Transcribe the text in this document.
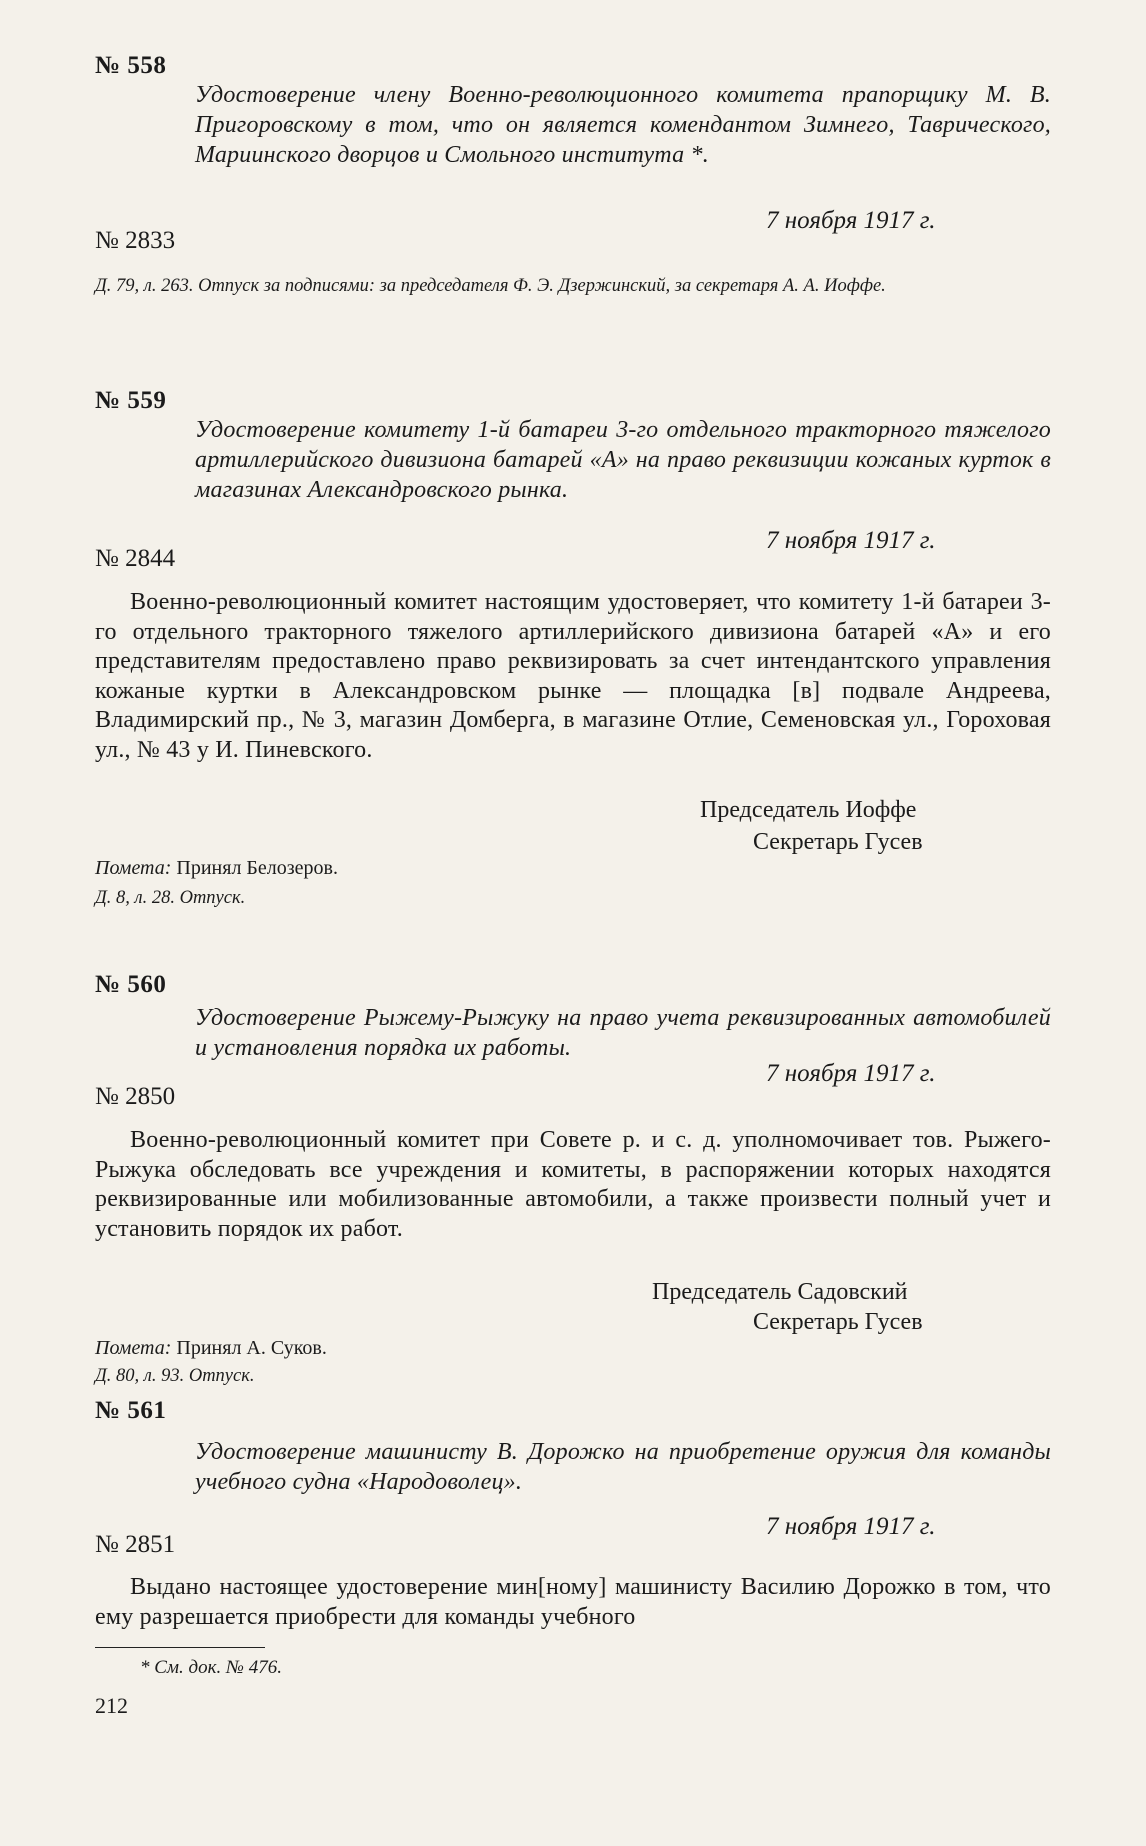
№ 558

Удостоверение члену Военно-революционного комитета прапорщику М. В. Пригоровскому в том, что он является комендантом Зимнего, Таврического, Мариинского дворцов и Смольного института *.

7 ноября 1917 г.
№ 2833

Д. 79, л. 263. Отпуск за подписями: за председателя Ф. Э. Дзержинский, за секретаря А. А. Иоффе.

№ 559

Удостоверение комитету 1-й батареи 3-го отдельного тракторного тяжелого артиллерийского дивизиона батарей «А» на право реквизиции кожаных курток в магазинах Александровского рынка.

7 ноября 1917 г.
№ 2844

Военно-революционный комитет настоящим удостоверяет, что комитету 1-й батареи 3-го отдельного тракторного тяжелого артиллерийского дивизиона батарей «А» и его представителям предоставлено право реквизировать за счет интендантского управления кожаные куртки в Александровском рынке — площадка [в] подвале Андреева, Владимирский пр., № 3, магазин Домберга, в магазине Отлие, Семеновская ул., Гороховая ул., № 43 у И. Пиневского.

Председатель Иоффе
Секретарь Гусев
Помета: Принял Белозеров.
Д. 8, л. 28. Отпуск.
№ 560

Удостоверение Рыжему-Рыжуку на право учета реквизированных автомобилей и установления порядка их работы.

7 ноября 1917 г.
№ 2850

Военно-революционный комитет при Совете р. и с. д. уполномочивает тов. Рыжего-Рыжука обследовать все учреждения и комитеты, в распоряжении которых находятся реквизированные или мобилизованные автомобили, а также произвести полный учет и установить порядок их работ.

Председатель Садовский
Секретарь Гусев
Помета: Принял А. Суков.
Д. 80, л. 93. Отпуск.
№ 561

Удостоверение машинисту В. Дорожко на приобретение оружия для команды учебного судна «Народоволец».

7 ноября 1917 г.
№ 2851

Выдано настоящее удостоверение мин[ному] машинисту Василию Дорожко в том, что ему разрешается приобрести для команды учебного

* См. док. № 476.
212
